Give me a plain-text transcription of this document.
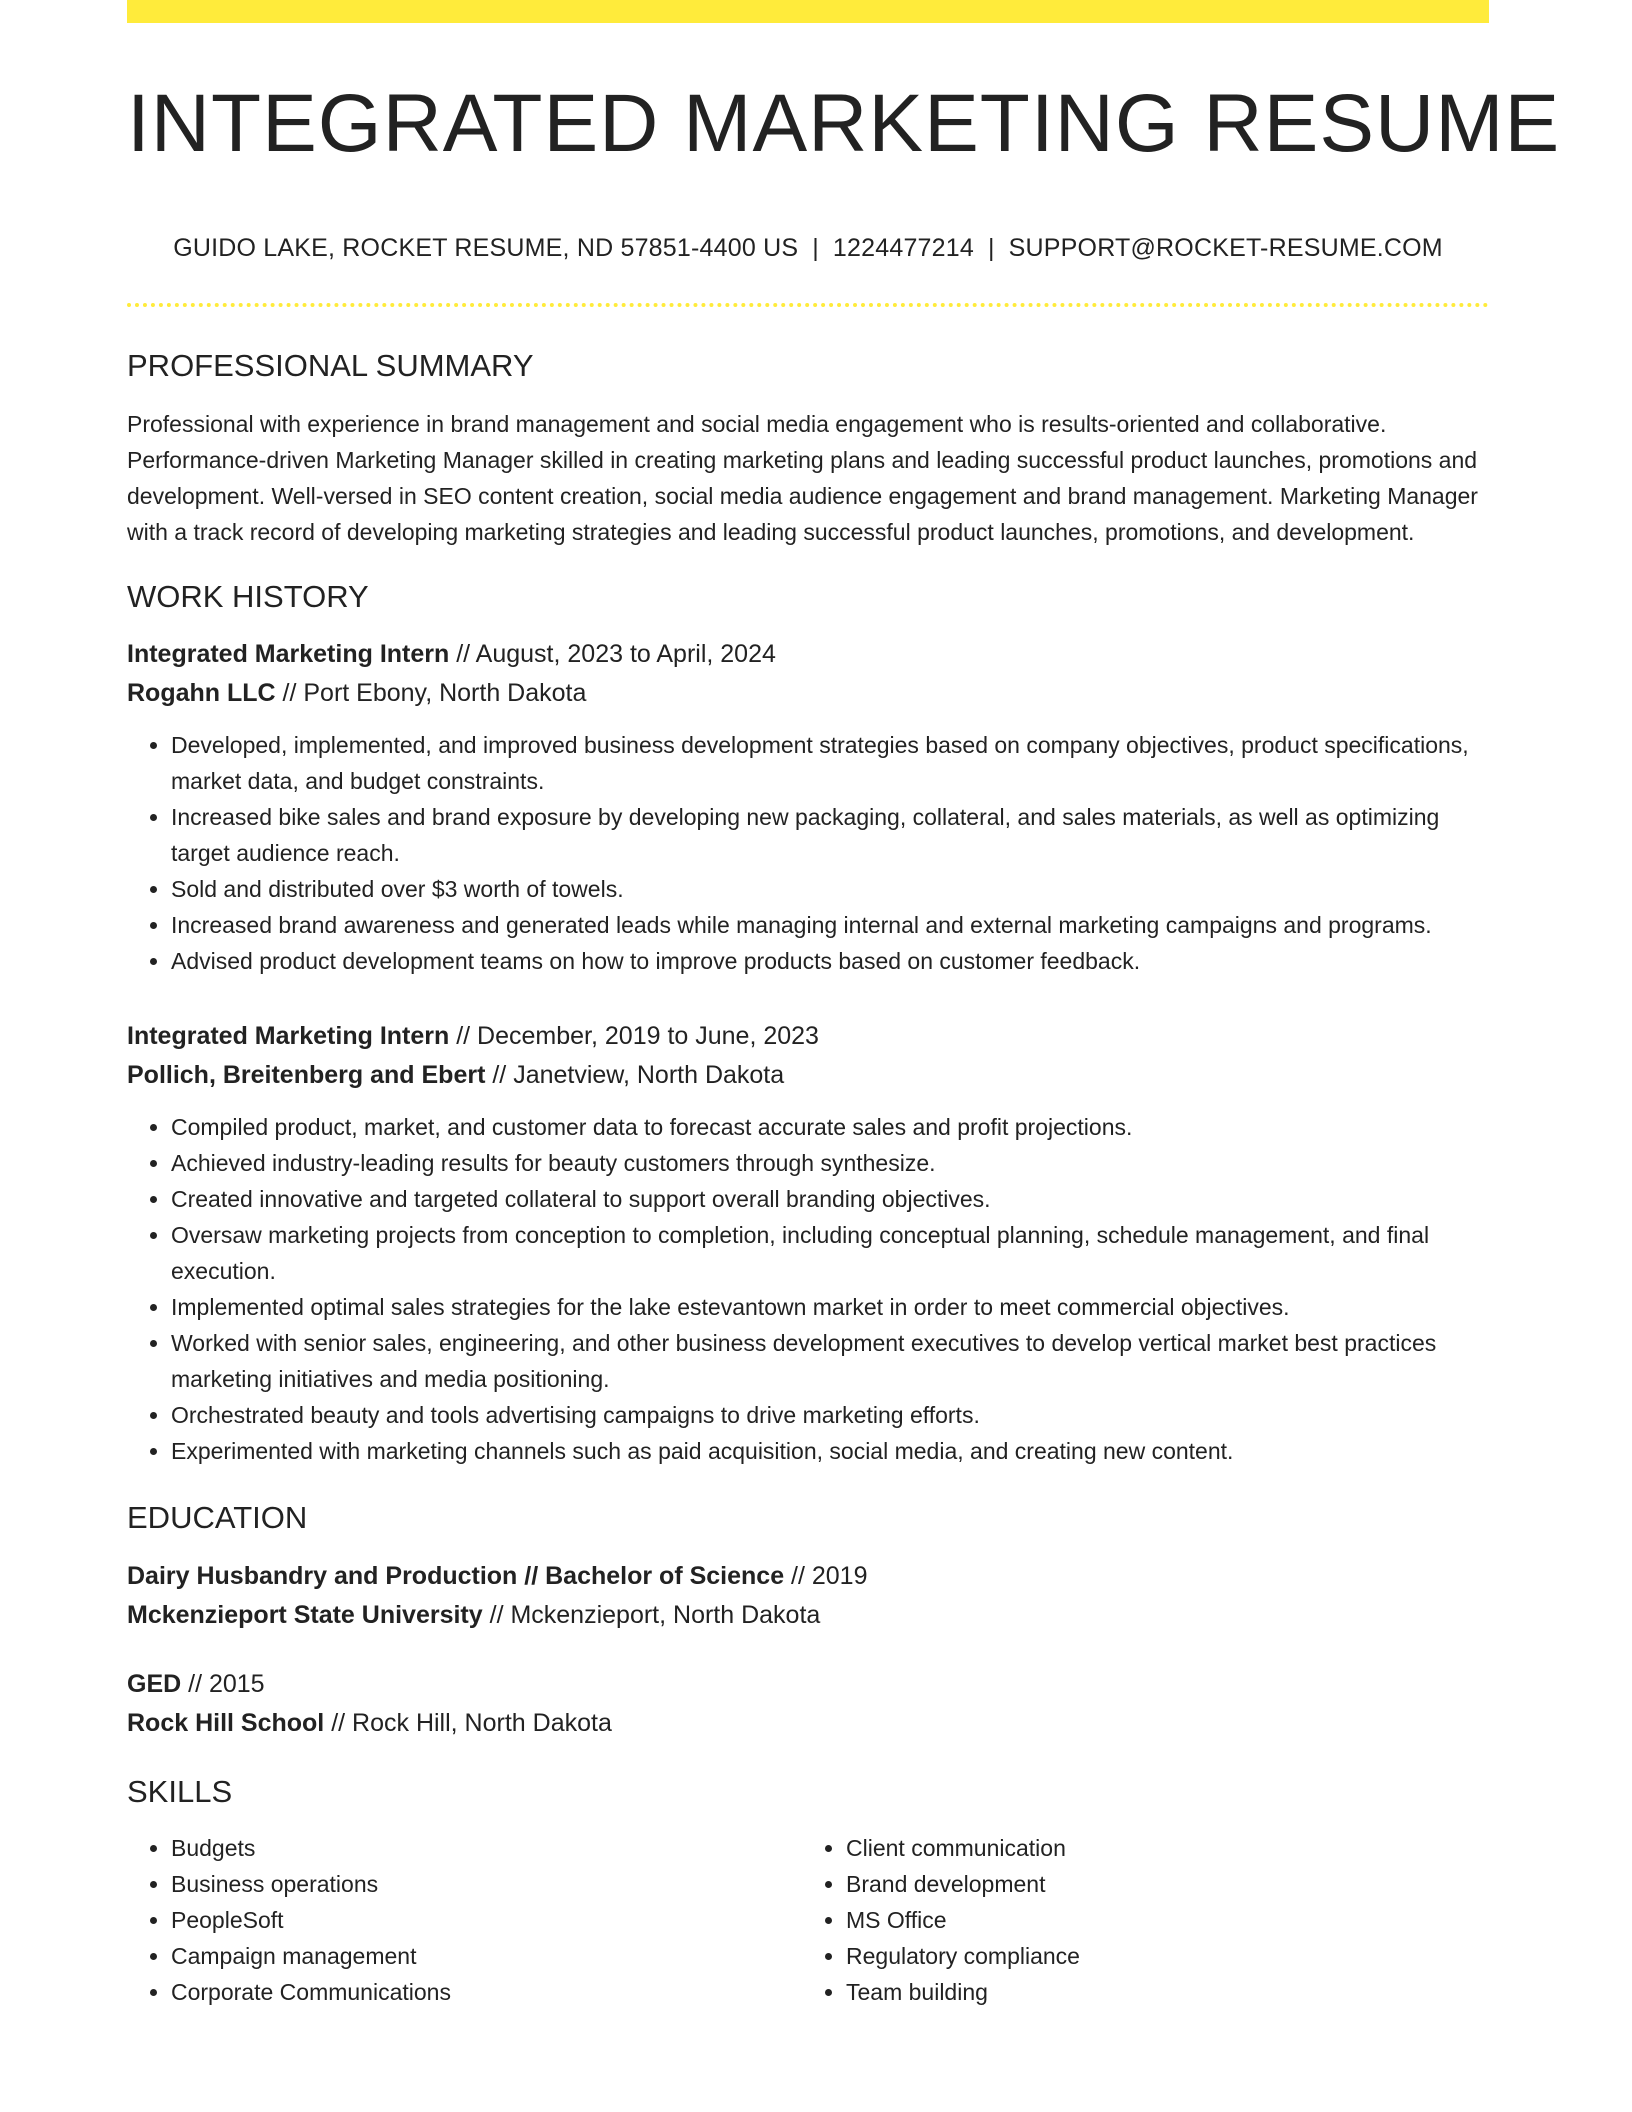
INTEGRATED MARKETING RESUME
GUIDO LAKE, ROCKET RESUME, ND 57851-4400 US | 1224477214 | SUPPORT@ROCKET-RESUME.COM
PROFESSIONAL SUMMARY
Professional with experience in brand management and social media engagement who is results-oriented and collaborative. Performance-driven Marketing Manager skilled in creating marketing plans and leading successful product launches, promotions and development. Well-versed in SEO content creation, social media audience engagement and brand management. Marketing Manager with a track record of developing marketing strategies and leading successful product launches, promotions, and development.
WORK HISTORY
Integrated Marketing Intern // August, 2023 to April, 2024
Rogahn LLC // Port Ebony, North Dakota
• Developed, implemented, and improved business development strategies based on company objectives, product specifications, market data, and budget constraints.
• Increased bike sales and brand exposure by developing new packaging, collateral, and sales materials, as well as optimizing target audience reach.
• Sold and distributed over $3 worth of towels.
• Increased brand awareness and generated leads while managing internal and external marketing campaigns and programs.
• Advised product development teams on how to improve products based on customer feedback.
Integrated Marketing Intern // December, 2019 to June, 2023
Pollich, Breitenberg and Ebert // Janetview, North Dakota
• Compiled product, market, and customer data to forecast accurate sales and profit projections.
• Achieved industry-leading results for beauty customers through synthesize.
• Created innovative and targeted collateral to support overall branding objectives.
• Oversaw marketing projects from conception to completion, including conceptual planning, schedule management, and final execution.
• Implemented optimal sales strategies for the lake estevantown market in order to meet commercial objectives.
• Worked with senior sales, engineering, and other business development executives to develop vertical market best practices marketing initiatives and media positioning.
• Orchestrated beauty and tools advertising campaigns to drive marketing efforts.
• Experimented with marketing channels such as paid acquisition, social media, and creating new content.
EDUCATION
Dairy Husbandry and Production // Bachelor of Science // 2019
Mckenzieport State University // Mckenzieport, North Dakota
GED // 2015
Rock Hill School // Rock Hill, North Dakota
SKILLS
• Budgets
• Business operations
• PeopleSoft
• Campaign management
• Corporate Communications
• Client communication
• Brand development
• MS Office
• Regulatory compliance
• Team building
